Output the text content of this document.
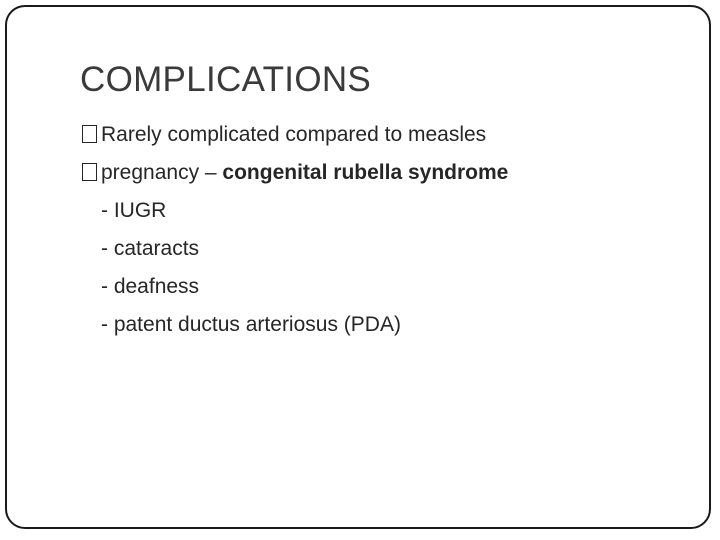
COMPLICATIONS
Rarely complicated compared to measles
pregnancy – congenital rubella syndrome
- IUGR
- cataracts
- deafness
- patent ductus arteriosus (PDA)
